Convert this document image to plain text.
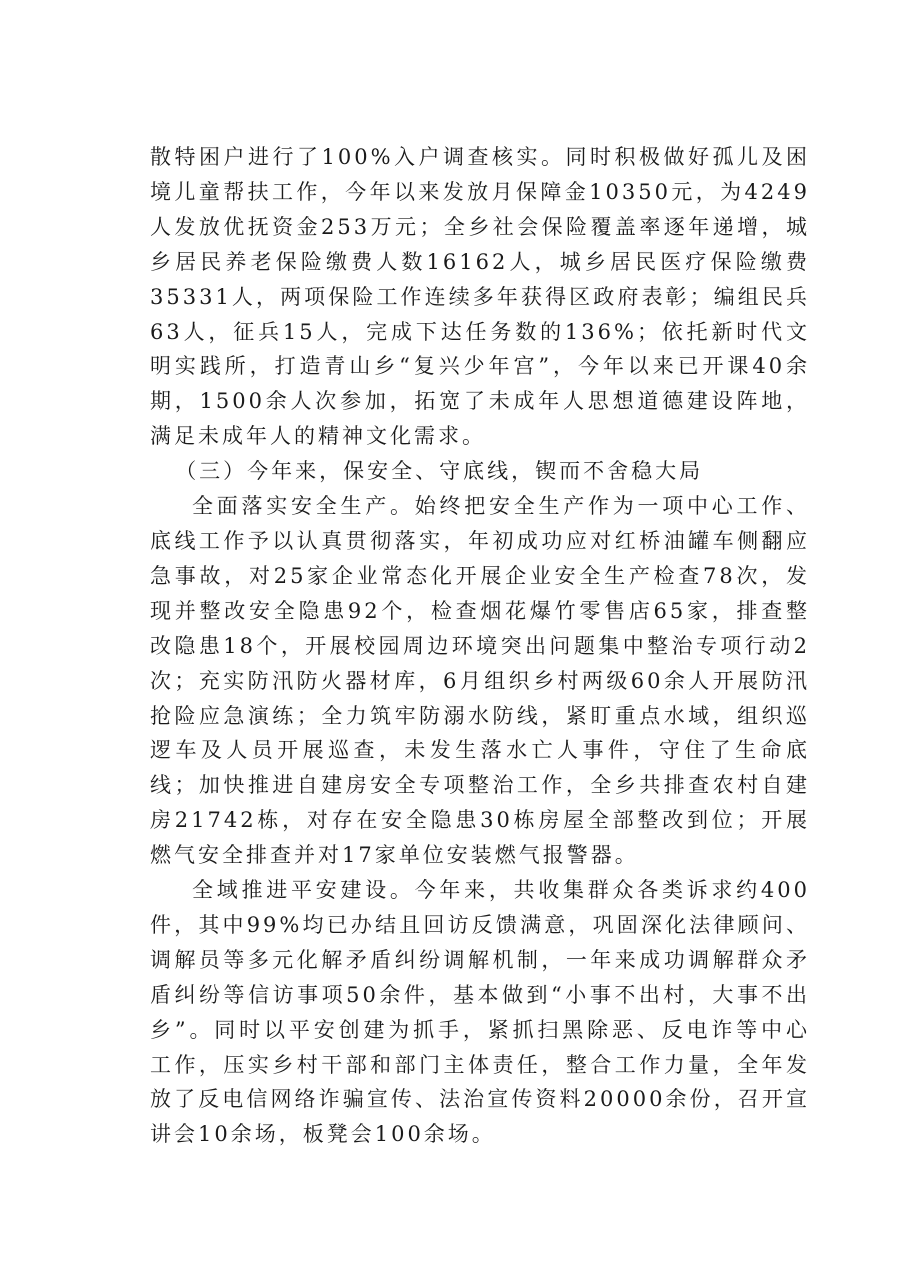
散特困户进行了100%入户调查核实。同时积极做好孤儿及困境儿童帮扶工作，今年以来发放月保障金10350元，为4249人发放优抚资金253万元；全乡社会保险覆盖率逐年递增，城乡居民养老保险缴费人数16162人，城乡居民医疗保险缴费35331人，两项保险工作连续多年获得区政府表彰；编组民兵63人，征兵15人，完成下达任务数的136%；依托新时代文明实践所，打造青山乡“复兴少年宫”，今年以来已开课40余期，1500余人次参加，拓宽了未成年人思想道德建设阵地，满足未成年人的精神文化需求。

（三）今年来，保安全、守底线，锲而不舍稳大局

全面落实安全生产。始终把安全生产作为一项中心工作、底线工作予以认真贯彻落实，年初成功应对红桥油罐车侧翻应急事故，对25家企业常态化开展企业安全生产检查78次，发现并整改安全隐患92个，检查烟花爆竹零售店65家，排查整改隐患18个，开展校园周边环境突出问题集中整治专项行动2次；充实防汛防火器材库，6月组织乡村两级60余人开展防汛抢险应急演练；全力筑牢防溺水防线，紧盯重点水域，组织巡逻车及人员开展巡查，未发生落水亡人事件，守住了生命底线；加快推进自建房安全专项整治工作，全乡共排查农村自建房21742栋，对存在安全隐患30栋房屋全部整改到位；开展燃气安全排查并对17家单位安装燃气报警器。

全域推进平安建设。今年来，共收集群众各类诉求约400件，其中99%均已办结且回访反馈满意，巩固深化法律顾问、调解员等多元化解矛盾纠纷调解机制，一年来成功调解群众矛盾纠纷等信访事项50余件，基本做到“小事不出村，大事不出乡”。同时以平安创建为抓手，紧抓扫黑除恶、反电诈等中心工作，压实乡村干部和部门主体责任，整合工作力量，全年发放了反电信网络诈骗宣传、法治宣传资料20000余份，召开宣讲会10余场，板凳会100余场。
